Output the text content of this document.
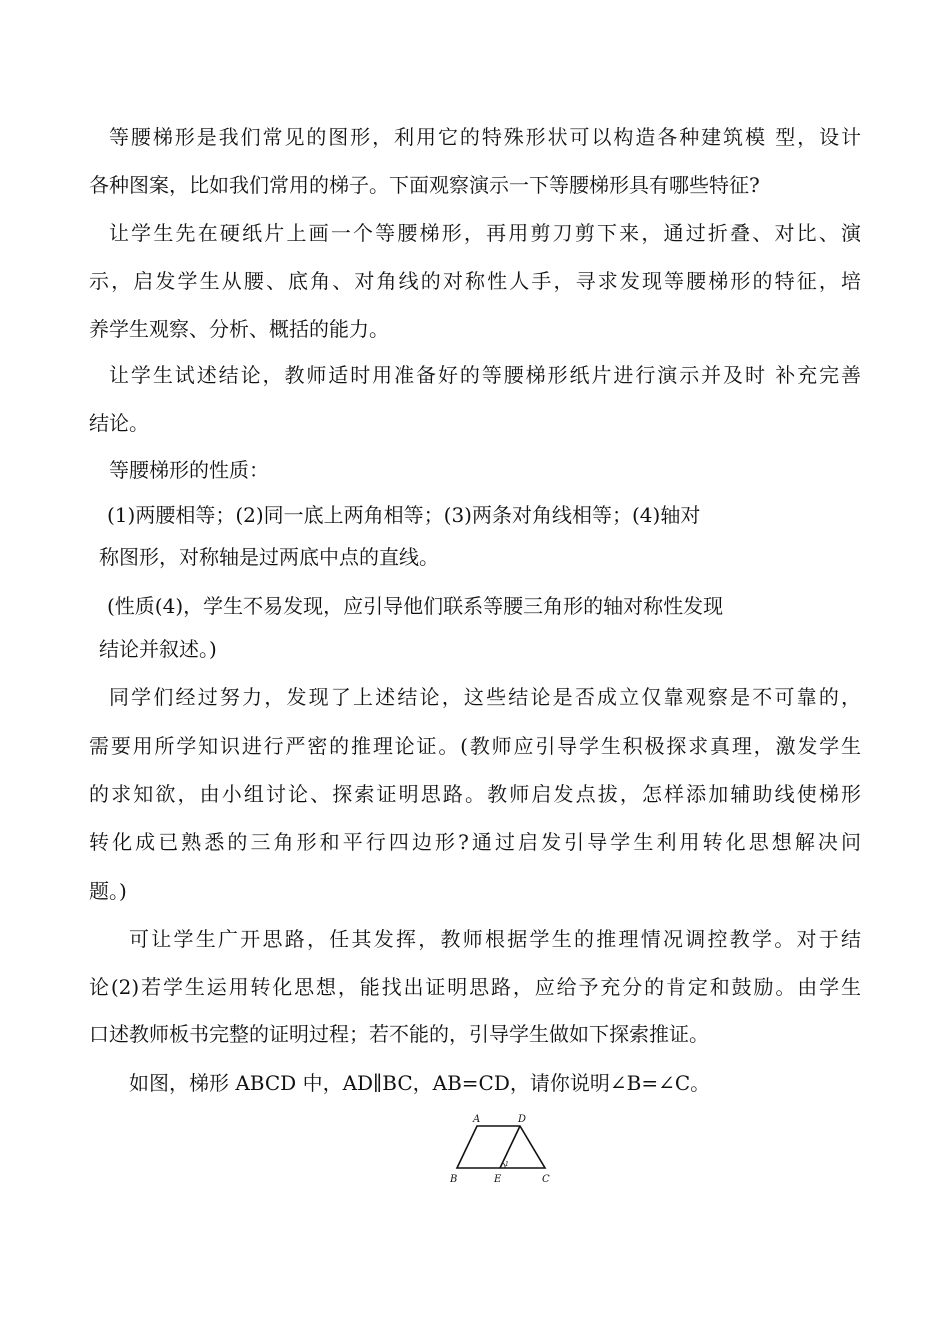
等腰梯形是我们常见的图形，利用它的特殊形状可以构造各种建筑模 型，设计
各种图案，比如我们常用的梯子。下面观察演示一下等腰梯形具有哪些特征?
让学生先在硬纸片上画一个等腰梯形，再用剪刀剪下来，通过折叠、对比、演
示，启发学生从腰、底角、对角线的对称性人手，寻求发现等腰梯形的特征，培
养学生观察、分析、概括的能力。
让学生试述结论，教师适时用准备好的等腰梯形纸片进行演示并及时 补充完善
结论。
等腰梯形的性质：
(1)两腰相等；(2)同一底上两角相等；(3)两条对角线相等；(4)轴对
称图形，对称轴是过两底中点的直线。
(性质(4)，学生不易发现，应引导他们联系等腰三角形的轴对称性发现
结论并叙述。)
同学们经过努力，发现了上述结论，这些结论是否成立仅靠观察是不可靠的，
需要用所学知识进行严密的推理论证。(教师应引导学生积极探求真理，激发学生
的求知欲，由小组讨论、探索证明思路。教师启发点拔，怎样添加辅助线使梯形
转化成已熟悉的三角形和平行四边形?通过启发引导学生利用转化思想解决问
题。)
可让学生广开思路，任其发挥，教师根据学生的推理情况调控教学。对于结
论(2)若学生运用转化思想，能找出证明思路，应给予充分的肯定和鼓励。由学生
口述教师板书完整的证明过程；若不能的，引导学生做如下探索推证。
如图，梯形 ABCD 中，AD∥BC，AB=CD，请你说明∠B=∠C。
A	D
B	E	C
1
